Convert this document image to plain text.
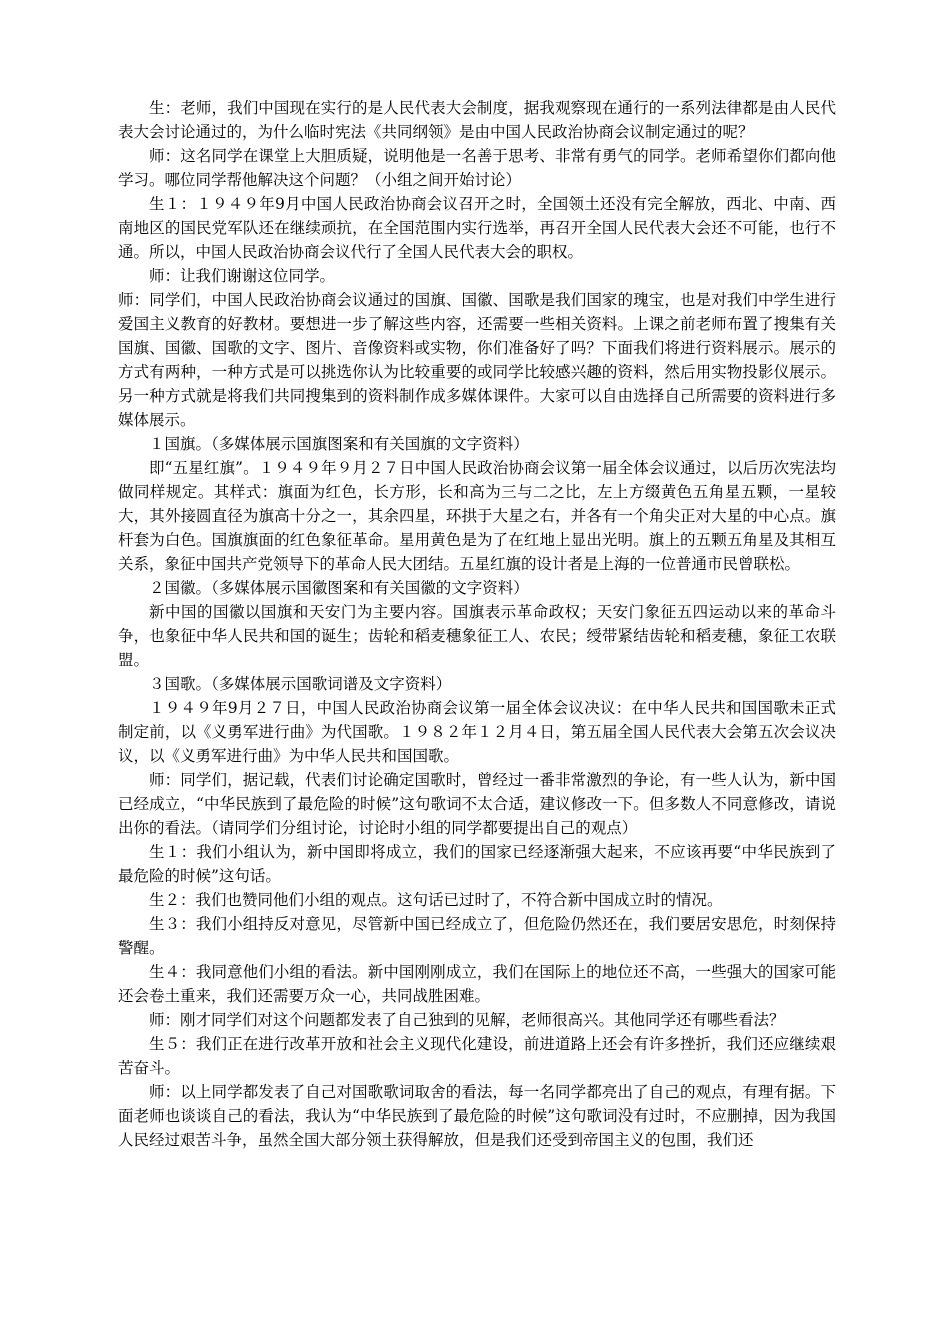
生：老师，我们中国现在实行的是人民代表大会制度，据我观察现在通行的一系列法律都是由人民代表大会讨论通过的，为什么临时宪法《共同纲领》是由中国人民政治协商会议制定通过的呢？

师：这名同学在课堂上大胆质疑，说明他是一名善于思考、非常有勇气的同学。老师希望你们都向他学习。哪位同学帮他解决这个问题？（小组之间开始讨论）

生１：１９４９年9月中国人民政治协商会议召开之时，全国领土还没有完全解放，西北、中南、西南地区的国民党军队还在继续顽抗，在全国范围内实行选举，再召开全国人民代表大会还不可能，也行不通。所以，中国人民政治协商会议代行了全国人民代表大会的职权。

师：让我们谢谢这位同学。

师：同学们，中国人民政治协商会议通过的国旗、国徽、国歌是我们国家的瑰宝，也是对我们中学生进行爱国主义教育的好教材。要想进一步了解这些内容，还需要一些相关资料。上课之前老师布置了搜集有关国旗、国徽、国歌的文字、图片、音像资料或实物，你们准备好了吗？下面我们将进行资料展示。展示的方式有两种，一种方式是可以挑选你认为比较重要的或同学比较感兴趣的资料，然后用实物投影仪展示。另一种方式就是将我们共同搜集到的资料制作成多媒体课件。大家可以自由选择自己所需要的资料进行多媒体展示。

１国旗。（多媒体展示国旗图案和有关国旗的文字资料）

即“五星红旗”。１９４９年９月２７日中国人民政治协商会议第一届全体会议通过，以后历次宪法均做同样规定。其样式：旗面为红色，长方形，长和高为三与二之比，左上方缀黄色五角星五颗，一星较大，其外接圆直径为旗高十分之一，其余四星，环拱于大星之右，并各有一个角尖正对大星的中心点。旗杆套为白色。国旗旗面的红色象征革命。星用黄色是为了在红地上显出光明。旗上的五颗五角星及其相互关系，象征中国共产党领导下的革命人民大团结。五星红旗的设计者是上海的一位普通市民曾联松。

２国徽。（多媒体展示国徽图案和有关国徽的文字资料）

新中国的国徽以国旗和天安门为主要内容。国旗表示革命政权；天安门象征五四运动以来的革命斗争，也象征中华人民共和国的诞生；齿轮和稻麦穗象征工人、农民；绶带紧结齿轮和稻麦穗，象征工农联盟。

３国歌。（多媒体展示国歌词谱及文字资料）

１９４９年9月２７日，中国人民政治协商会议第一届全体会议决议：在中华人民共和国国歌未正式制定前，以《义勇军进行曲》为代国歌。１９８２年１２月４日，第五届全国人民代表大会第五次会议决议，以《义勇军进行曲》为中华人民共和国国歌。

师：同学们，据记载，代表们讨论确定国歌时，曾经过一番非常激烈的争论，有一些人认为，新中国已经成立，“中华民族到了最危险的时候”这句歌词不太合适，建议修改一下。但多数人不同意修改，请说出你的看法。（请同学们分组讨论，讨论时小组的同学都要提出自己的观点）

生１：我们小组认为，新中国即将成立，我们的国家已经逐渐强大起来，不应该再要“中华民族到了最危险的时候”这句话。

生２：我们也赞同他们小组的观点。这句话已过时了，不符合新中国成立时的情况。

生３：我们小组持反对意见，尽管新中国已经成立了，但危险仍然还在，我们要居安思危，时刻保持警醒。

生４：我同意他们小组的看法。新中国刚刚成立，我们在国际上的地位还不高，一些强大的国家可能还会卷土重来，我们还需要万众一心，共同战胜困难。

师：刚才同学们对这个问题都发表了自己独到的见解，老师很高兴。其他同学还有哪些看法？

生５：我们正在进行改革开放和社会主义现代化建设，前进道路上还会有许多挫折，我们还应继续艰苦奋斗。

师：以上同学都发表了自己对国歌歌词取舍的看法，每一名同学都亮出了自己的观点，有理有据。下面老师也谈谈自己的看法，我认为“中华民族到了最危险的时候”这句歌词没有过时，不应删掉，因为我国人民经过艰苦斗争，虽然全国大部分领土获得解放，但是我们还受到帝国主义的包围，我们还
